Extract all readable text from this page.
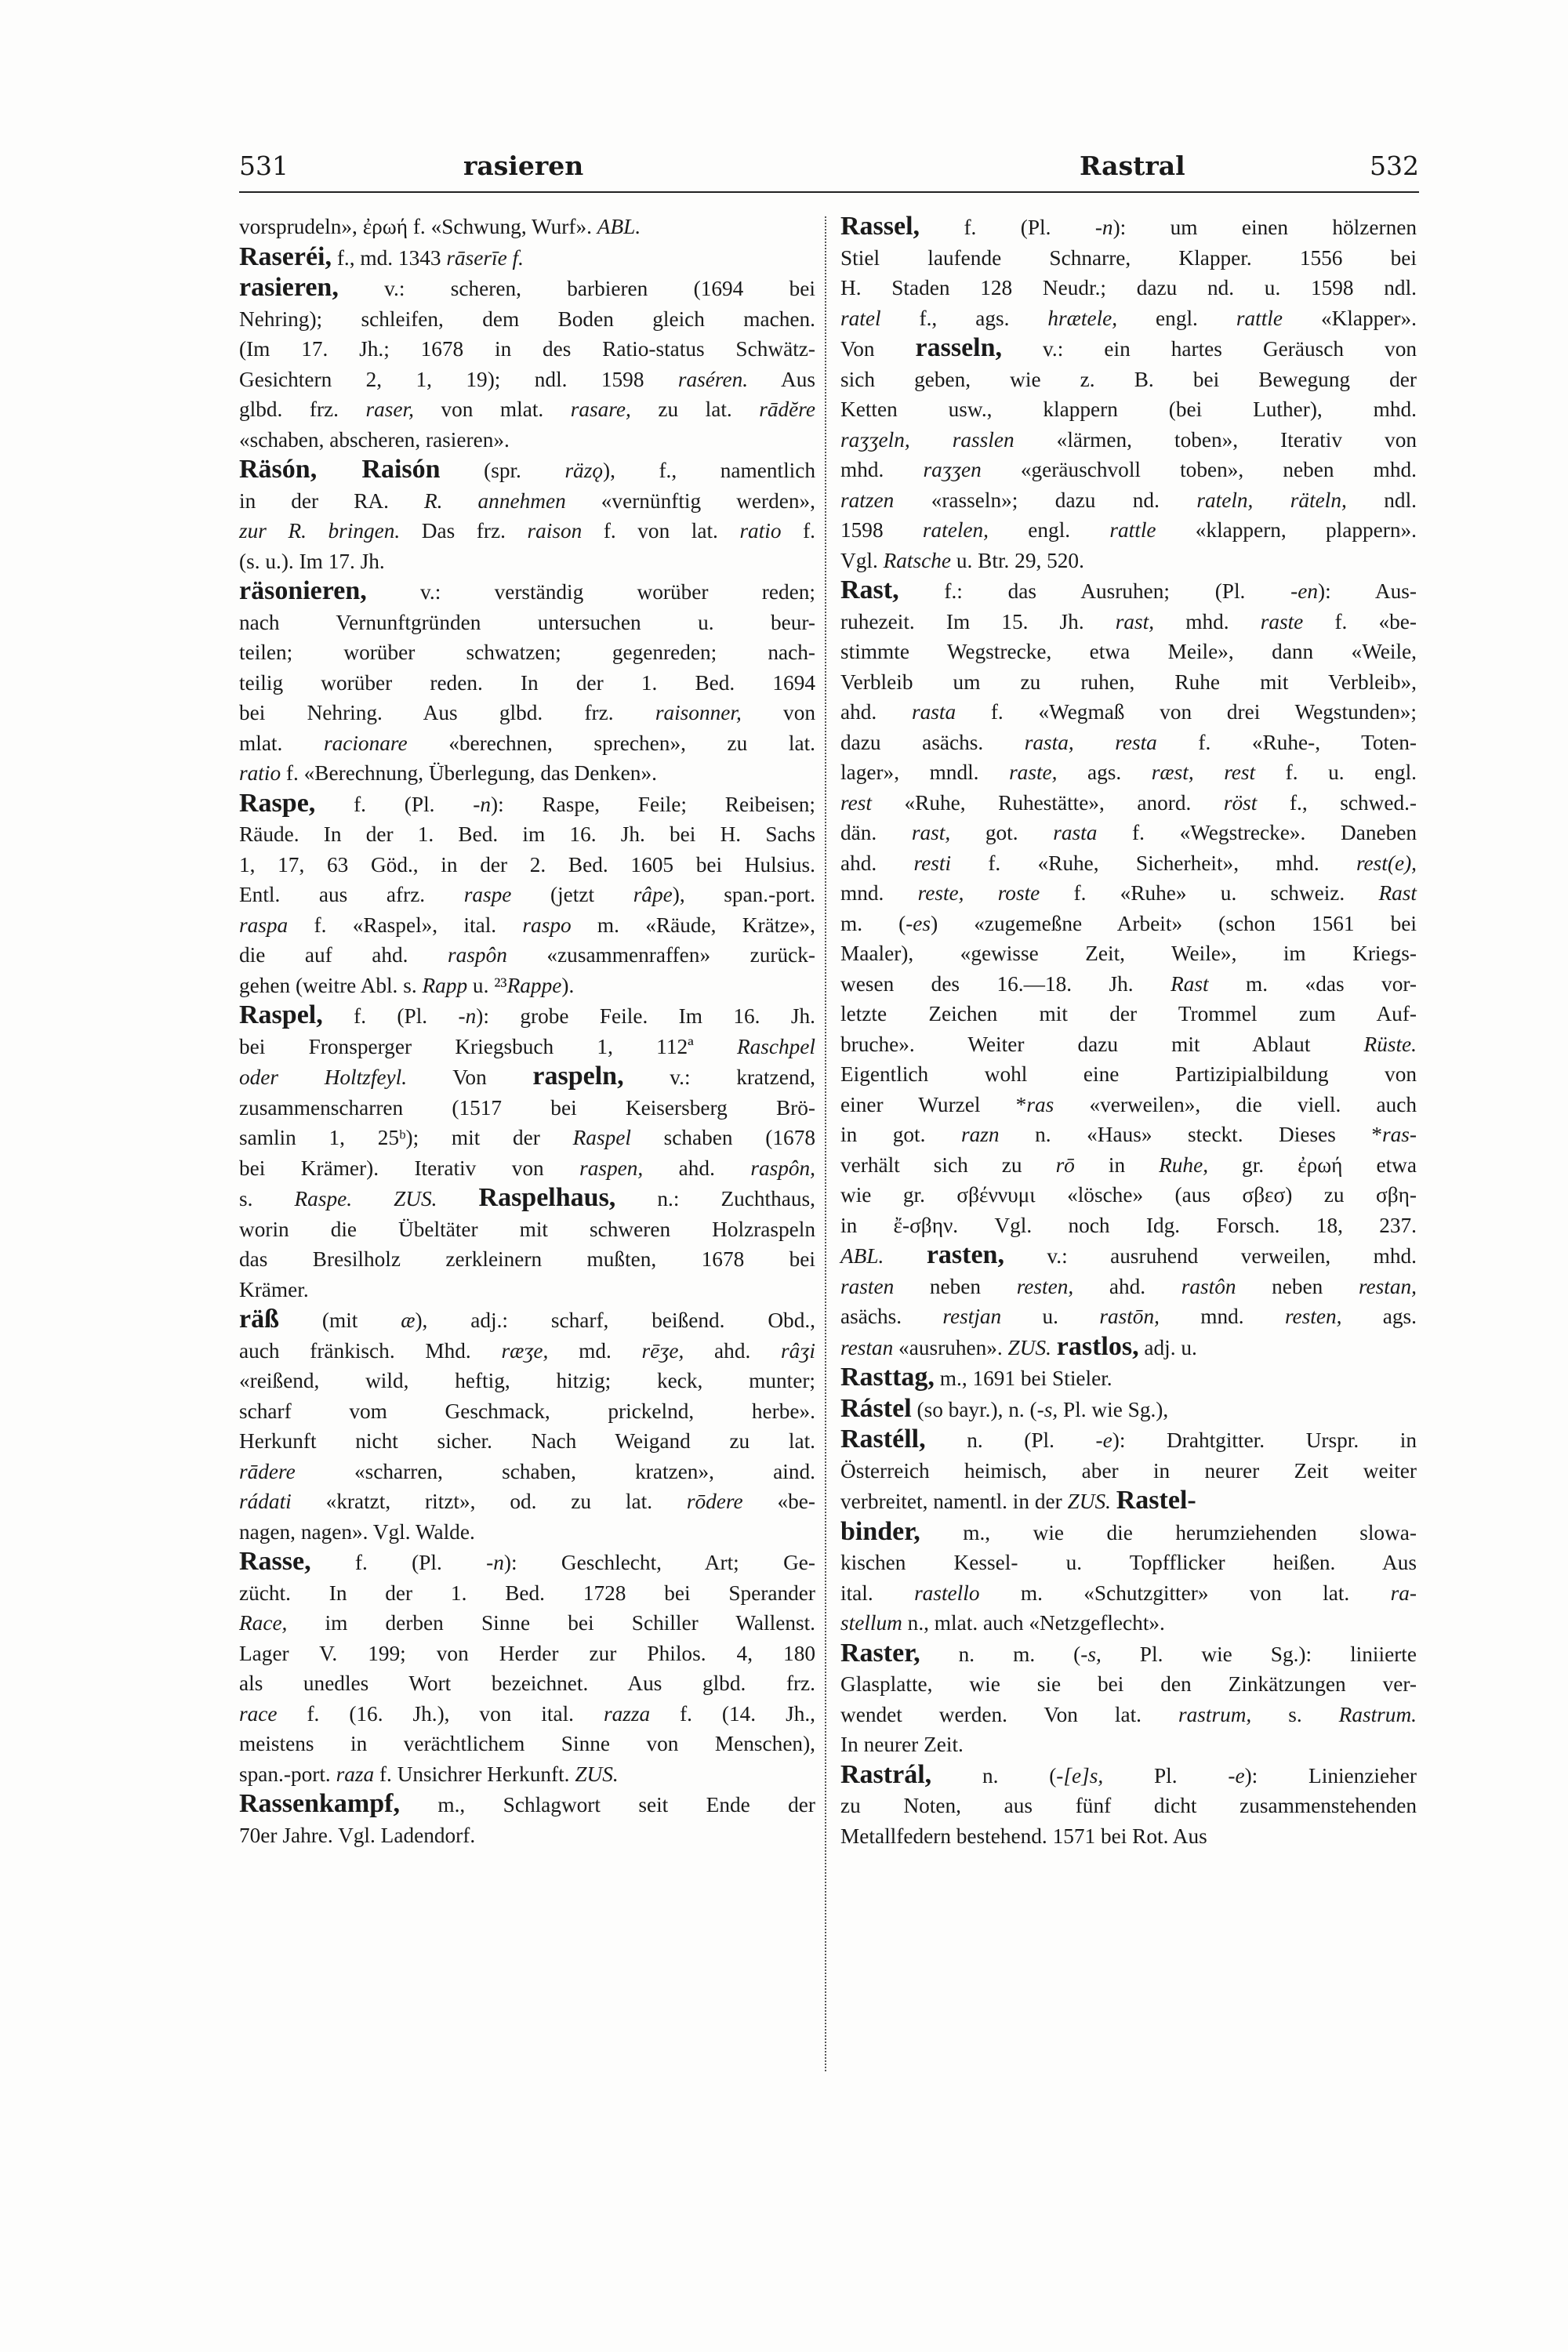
531	rasieren	Rastral	532

vorsprudeln», ἐρωή f. «Schwung, Wurf». ABL.

Raseréi, f., md. 1343 rāserīe f.

rasieren, v.: scheren, barbieren (1694 bei

Nehring); schleifen, dem Boden gleich machen.

(Im 17. Jh.; 1678 in des Ratio-status Schwätz-

Gesichtern 2, 1, 19); ndl. 1598 raséren. Aus

glbd. frz. raser, von mlat. rasare, zu lat. rādĕre

«schaben, abscheren, rasieren».

Räsón, Raisón (spr. räzǫ), f., namentlich

in der RA. R. annehmen «vernünftig werden»,

zur R. bringen. Das frz. raison f. von lat. ratio f.

(s. u.). Im 17. Jh.

räsonieren, v.: verständig worüber reden;

nach Vernunftgründen untersuchen u. beur-

teilen; worüber schwatzen; gegenreden; nach-

teilig worüber reden. In der 1. Bed. 1694

bei Nehring. Aus glbd. frz. raisonner, von

mlat. racionare «berechnen, sprechen», zu lat.

ratio f. «Berechnung, Überlegung, das Denken».

Raspe, f. (Pl. -n): Raspe, Feile; Reibeisen;

Räude. In der 1. Bed. im 16. Jh. bei H. Sachs

1, 17, 63 Göd., in der 2. Bed. 1605 bei Hulsius.

Entl. aus afrz. raspe (jetzt râpe), span.-port.

raspa f. «Raspel», ital. raspo m. «Räude, Krätze»,

die auf ahd. raspôn «zusammenraffen» zurück-

gehen (weitre Abl. s. Rapp u. ²³Rappe).

Raspel, f. (Pl. -n): grobe Feile. Im 16. Jh.

bei Fronsperger Kriegsbuch 1, 112ª Raschpel

oder Holtzfeyl. Von raspeln, v.: kratzend,

zusammenscharren (1517 bei Keisersberg Brö-

samlin 1, 25ᵇ); mit der Raspel schaben (1678

bei Krämer). Iterativ von raspen, ahd. raspôn,

s. Raspe. ZUS. Raspelhaus, n.: Zuchthaus,

worin die Übeltäter mit schweren Holzraspeln

das Bresilholz zerkleinern mußten, 1678 bei

Krämer.

räß (mit æ), adj.: scharf, beißend. Obd.,

auch fränkisch. Mhd. ræʒe, md. rēʒe, ahd. râʒi

«reißend, wild, heftig, hitzig; keck, munter;

scharf vom Geschmack, prickelnd, herbe».

Herkunft nicht sicher. Nach Weigand zu lat.

rādere «scharren, schaben, kratzen», aind.

rádati «kratzt, ritzt», od. zu lat. rōdere «be-

nagen, nagen». Vgl. Walde.

Rasse, f. (Pl. -n): Geschlecht, Art; Ge-

zücht. In der 1. Bed. 1728 bei Sperander

Race, im derben Sinne bei Schiller Wallenst.

Lager V. 199; von Herder zur Philos. 4, 180

als unedles Wort bezeichnet. Aus glbd. frz.

race f. (16. Jh.), von ital. razza f. (14. Jh.,

meistens in verächtlichem Sinne von Menschen),

span.-port. raza f. Unsichrer Herkunft. ZUS.

Rassenkampf, m., Schlagwort seit Ende der

70er Jahre. Vgl. Ladendorf.

Rassel, f. (Pl. -n): um einen hölzernen

Stiel laufende Schnarre, Klapper. 1556 bei

H. Staden 128 Neudr.; dazu nd. u. 1598 ndl.

ratel f., ags. hrætele, engl. rattle «Klapper».

Von rasseln, v.: ein hartes Geräusch von

sich geben, wie z. B. bei Bewegung der

Ketten usw., klappern (bei Luther), mhd.

raʒʒeln, rasslen «lärmen, toben», Iterativ von

mhd. raʒʒen «geräuschvoll toben», neben mhd.

ratzen «rasseln»; dazu nd. rateln, räteln, ndl.

1598 ratelen, engl. rattle «klappern, plappern».

Vgl. Ratsche u. Btr. 29, 520.

Rast, f.: das Ausruhen; (Pl. -en): Aus-

ruhezeit. Im 15. Jh. rast, mhd. raste f. «be-

stimmte Wegstrecke, etwa Meile», dann «Weile,

Verbleib um zu ruhen, Ruhe mit Verbleib»,

ahd. rasta f. «Wegmaß von drei Wegstunden»;

dazu asächs. rasta, resta f. «Ruhe-, Toten-

lager», mndl. raste, ags. ræst, rest f. u. engl.

rest «Ruhe, Ruhestätte», anord. röst f., schwed.-

dän. rast, got. rasta f. «Wegstrecke». Daneben

ahd. resti f. «Ruhe, Sicherheit», mhd. rest(e),

mnd. reste, roste f. «Ruhe» u. schweiz. Rast

m. (-es) «zugemeßne Arbeit» (schon 1561 bei

Maaler), «gewisse Zeit, Weile», im Kriegs-

wesen des 16.—18. Jh. Rast m. «das vor-

letzte Zeichen mit der Trommel zum Auf-

bruche». Weiter dazu mit Ablaut Rüste.

Eigentlich wohl eine Partizipialbildung von

einer Wurzel *ras «verweilen», die viell. auch

in got. razn n. «Haus» steckt. Dieses *ras-

verhält sich zu rō in Ruhe, gr. ἐρωή etwa

wie gr. σβέννυμι «lösche» (aus σβεσ) zu σβη-

in ἔ-σβην. Vgl. noch Idg. Forsch. 18, 237.

ABL. rasten, v.: ausruhend verweilen, mhd.

rasten neben resten, ahd. rastôn neben restan,

asächs. restjan u. rastōn, mnd. resten, ags.

restan «ausruhen». ZUS. rastlos, adj. u.

Rasttag, m., 1691 bei Stieler.

Rástel (so bayr.), n. (-s, Pl. wie Sg.),

Rastéll, n. (Pl. -e): Drahtgitter. Urspr. in

Österreich heimisch, aber in neurer Zeit weiter

verbreitet, namentl. in der ZUS. Rastel-

binder, m., wie die herumziehenden slowa-

kischen Kessel- u. Topfflicker heißen. Aus

ital. rastello m. «Schutzgitter» von lat. ra-

stellum n., mlat. auch «Netzgeflecht».

Raster, n. m. (-s, Pl. wie Sg.): liniierte

Glasplatte, wie sie bei den Zinkätzungen ver-

wendet werden. Von lat. rastrum, s. Rastrum.

In neurer Zeit.

Rastrál, n. (-[e]s, Pl. -e): Linienzieher

zu Noten, aus fünf dicht zusammenstehenden

Metallfedern bestehend. 1571 bei Rot. Aus
